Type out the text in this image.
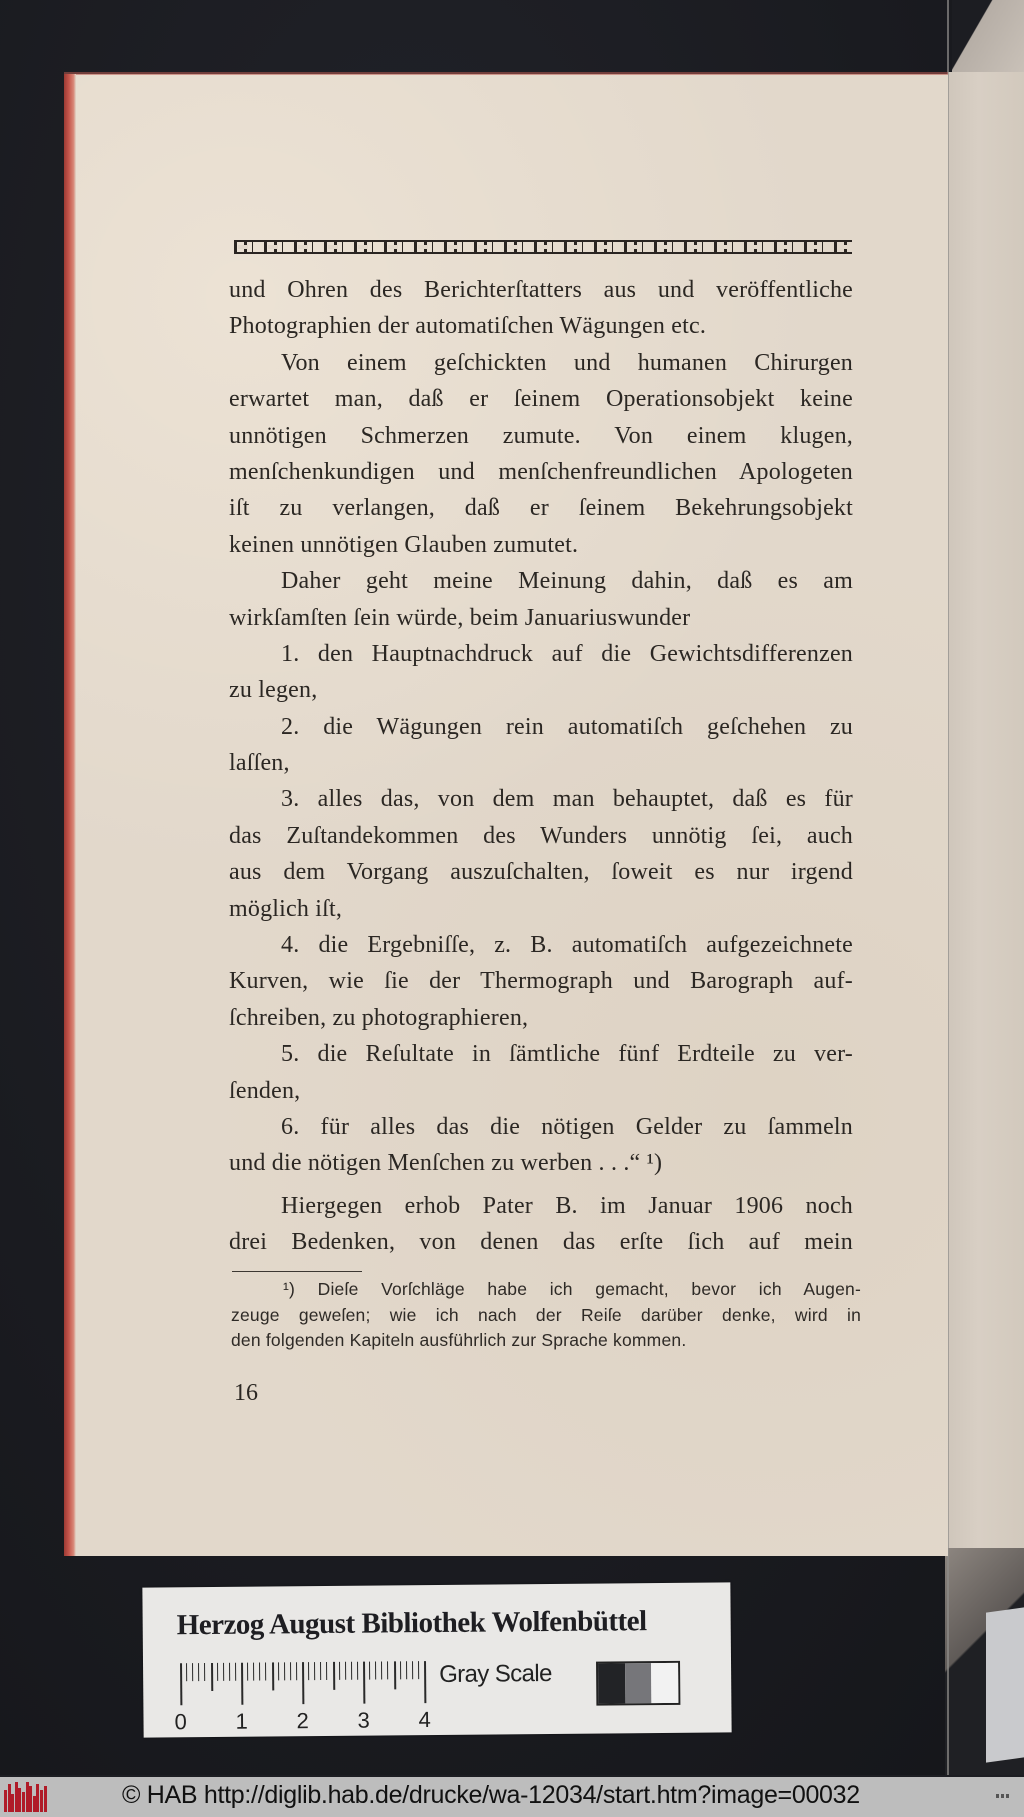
und Ohren des Berichterſtatters aus und veröffentliche
Photographien der automatiſchen Wägungen etc.
Von einem geſchickten und humanen Chirurgen
erwartet man, daß er ſeinem Operationsobjekt keine
unnötigen Schmerzen zumute. Von einem klugen,
menſchenkundigen und menſchenfreundlichen Apologeten
iſt zu verlangen, daß er ſeinem Bekehrungsobjekt
keinen unnötigen Glauben zumutet.
Daher geht meine Meinung dahin, daß es am
wirkſamſten ſein würde, beim Januariuswunder
1. den Hauptnachdruck auf die Gewichtsdifferenzen
zu legen,
2. die Wägungen rein automatiſch geſchehen zu
laſſen,
3. alles das, von dem man behauptet, daß es für
das Zuſtandekommen des Wunders unnötig ſei, auch
aus dem Vorgang auszuſchalten, ſoweit es nur irgend
möglich iſt,
4. die Ergebniſſe, z. B. automatiſch aufgezeichnete
Kurven, wie ſie der Thermograph und Barograph auf-
ſchreiben, zu photographieren,
5. die Reſultate in ſämtliche fünf Erdteile zu ver-
ſenden,
6. für alles das die nötigen Gelder zu ſammeln
und die nötigen Menſchen zu werben . . .“ ¹)
Hiergegen erhob Pater B. im Januar 1906 noch
drei Bedenken, von denen das erſte ſich auf mein
¹) Dieſe Vorſchläge habe ich gemacht, bevor ich Augen-
zeuge geweſen; wie ich nach der Reiſe darüber denke, wird in
den folgenden Kapiteln ausführlich zur Sprache kommen.
16
Herzog August Bibliothek Wolfenbüttel
0 1 2 3 4
Gray Scale
© HAB http://diglib.hab.de/drucke/wa-12034/start.htm?image=00032
